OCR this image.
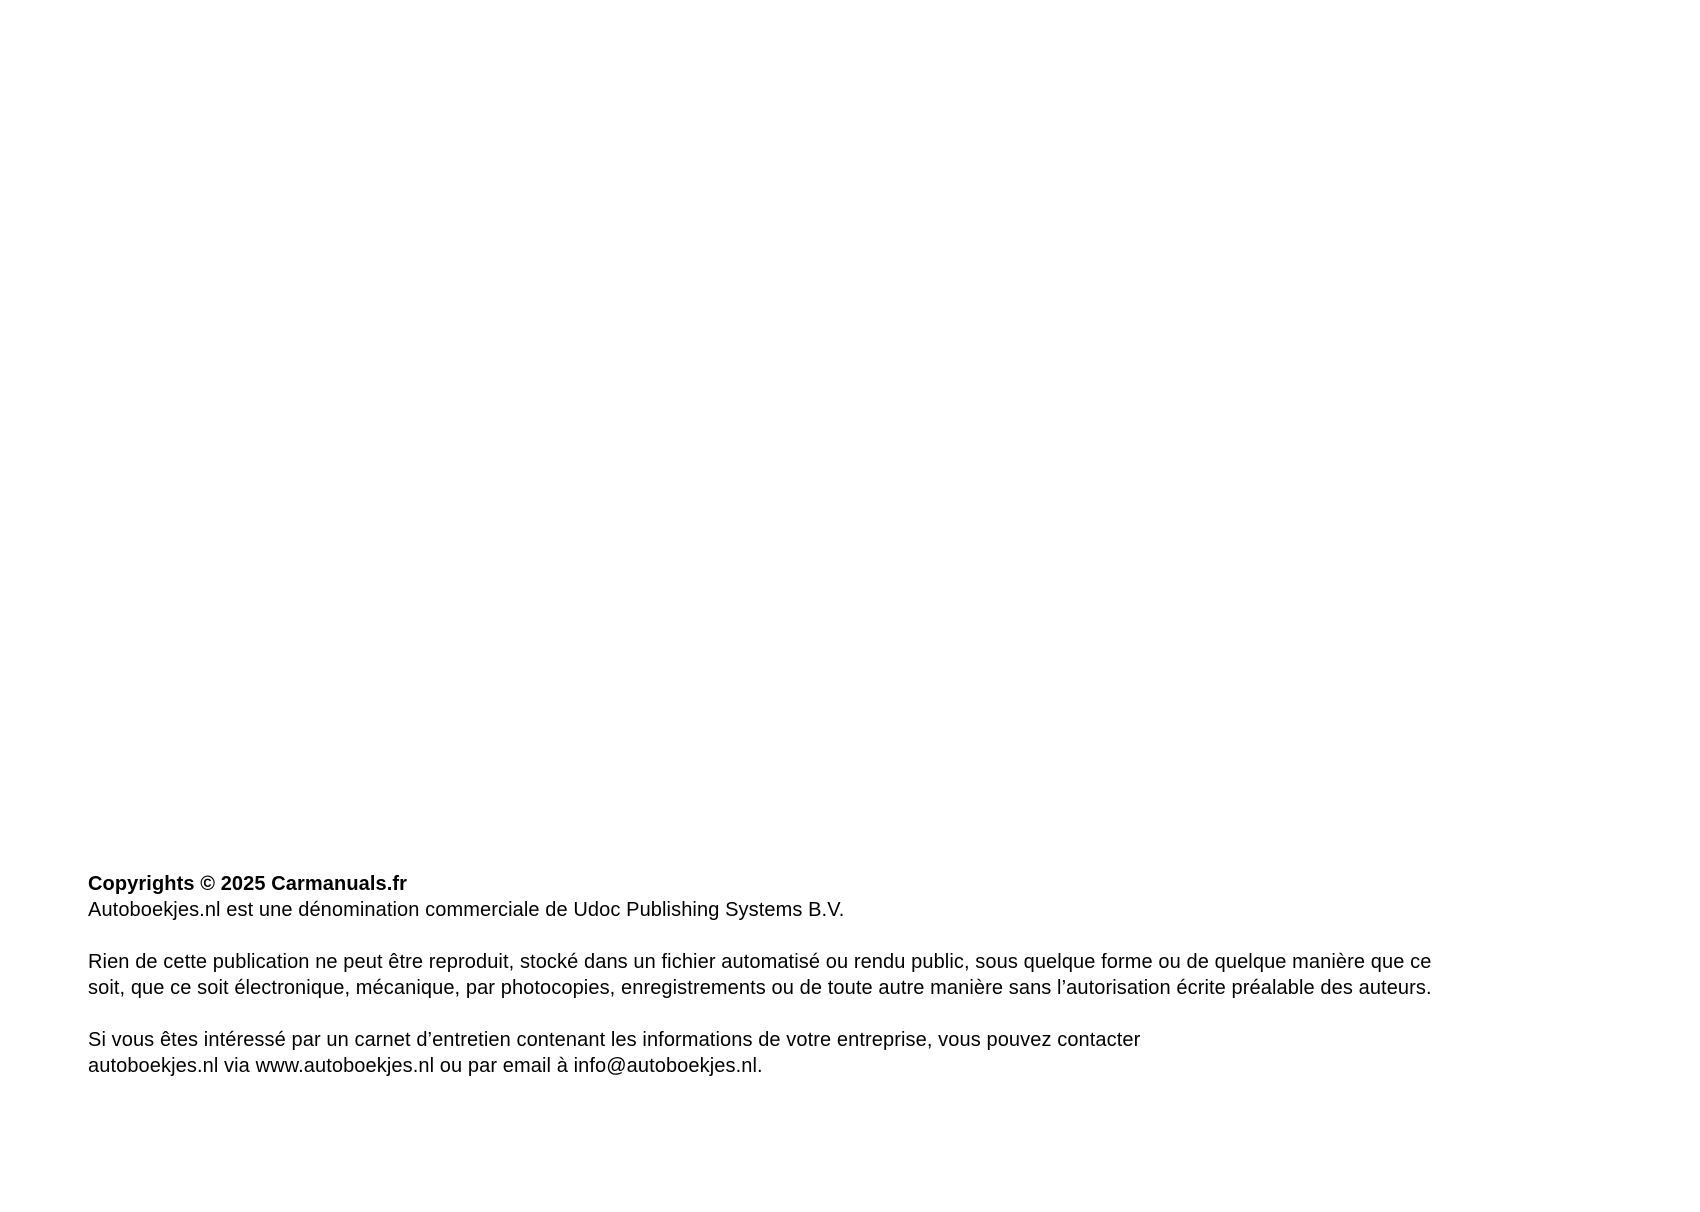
Copyrights © 2025 Carmanuals.fr
Autoboekjes.nl est une dénomination commerciale de Udoc Publishing Systems B.V.
Rien de cette publication ne peut être reproduit, stocké dans un fichier automatisé ou rendu public, sous quelque forme ou de quelque manière que ce
soit, que ce soit électronique, mécanique, par photocopies, enregistrements ou de toute autre manière sans l’autorisation écrite préalable des auteurs.
Si vous êtes intéressé par un carnet d’entretien contenant les informations de votre entreprise, vous pouvez contacter
autoboekjes.nl via www.autoboekjes.nl ou par email à info@autoboekjes.nl.
